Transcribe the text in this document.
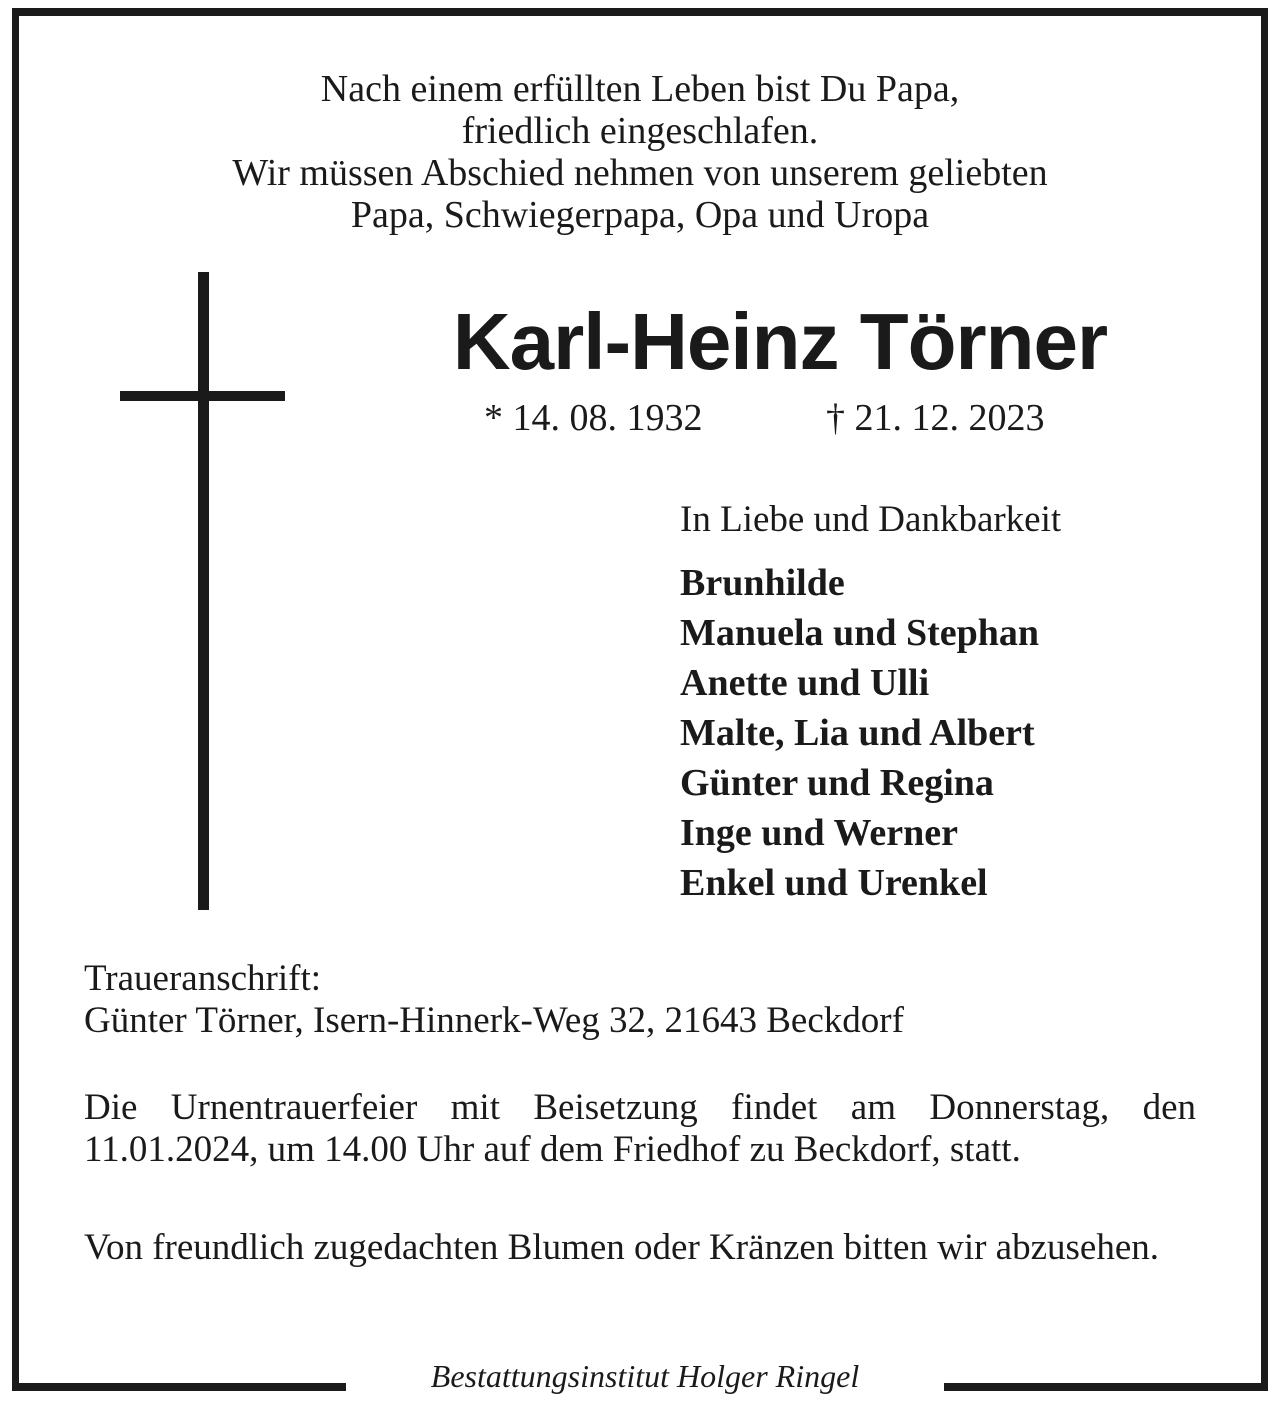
Nach einem erfüllten Leben bist Du Papa,
friedlich eingeschlafen.
Wir müssen Abschied nehmen von unserem geliebten
Papa, Schwiegerpapa, Opa und Uropa

Karl-Heinz Törner
* 14. 08. 1932	† 21. 12. 2023

In Liebe und Dankbarkeit

Brunhilde
Manuela und Stephan
Anette und Ulli
Malte, Lia und Albert
Günter und Regina
Inge und Werner
Enkel und Urenkel

Traueranschrift:
Günter Törner, Isern-Hinnerk-Weg 32, 21643 Beckdorf

Die Urnentrauerfeier mit Beisetzung findet am Donnerstag, den 11.01.2024, um 14.00 Uhr auf dem Friedhof zu Beckdorf, statt.

Von freundlich zugedachten Blumen oder Kränzen bitten wir abzusehen.

Bestattungsinstitut Holger Ringel
